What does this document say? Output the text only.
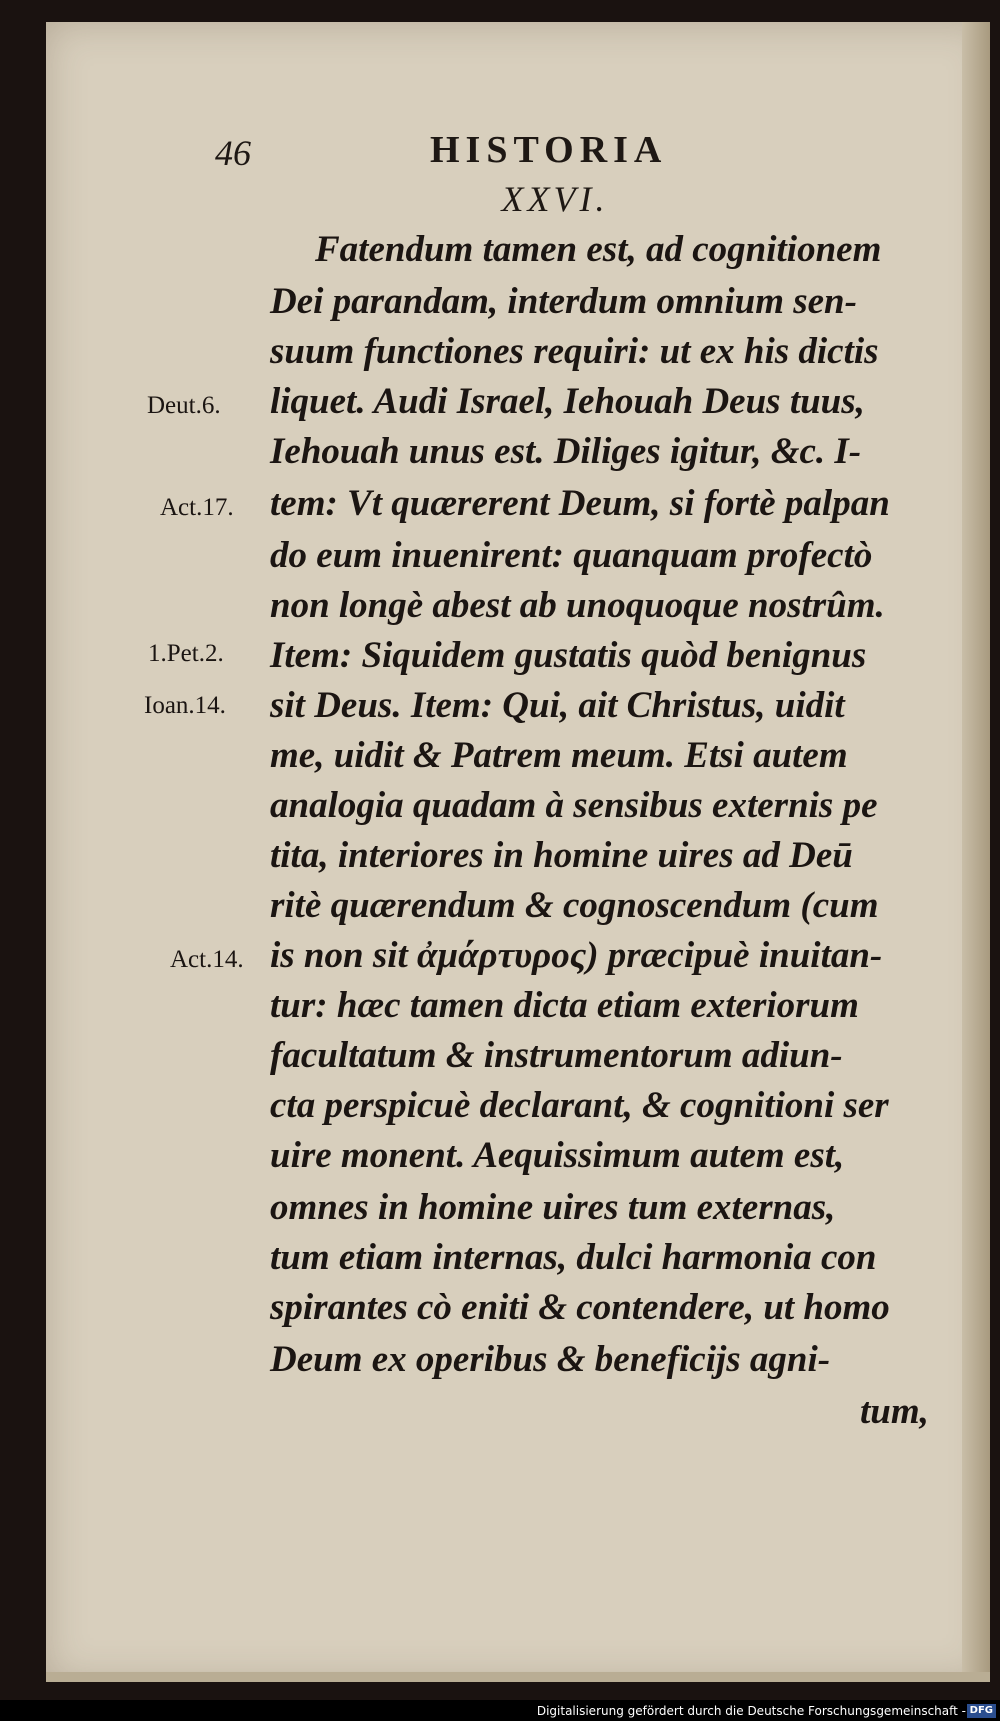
46	HISTORIA
XXVI.
Fatendum tamen est, ad cognitionem
Dei parandam, interdum omnium sen-
suum functiones requiri: ut ex his dictis
liquet. Audi Israel, Iehouah Deus tuus,
Iehouah unus est. Diliges igitur, &c. I-
tem: Vt quærerent Deum, si fortè palpan
do eum inuenirent: quanquam profectò
non longè abest ab unoquoque nostrûm.
Item: Siquidem gustatis quòd benignus
sit Deus. Item: Qui, ait Christus, uidit
me, uidit & Patrem meum. Etsi autem
analogia quadam à sensibus externis pe
tita, interiores in homine uires ad Deū
ritè quærendum & cognoscendum (cum
is non sit ἀμάρτυρος) præcipuè inuitan-
tur: hæc tamen dicta etiam exteriorum
facultatum & instrumentorum adiun-
cta perspicuè declarant, & cognitioni ser
uire monent. Aequissimum autem est,
omnes in homine uires tum externas,
tum etiam internas, dulci harmonia con
spirantes cò eniti & contendere, ut homo
Deum ex operibus & beneficijs agni-
tum,
Deut.6.
Act.17.
1.Pet.2.
Ioan.14.
Act.14.
Digitalisierung gefördert durch die Deutsche Forschungsgemeinschaft - DFG
